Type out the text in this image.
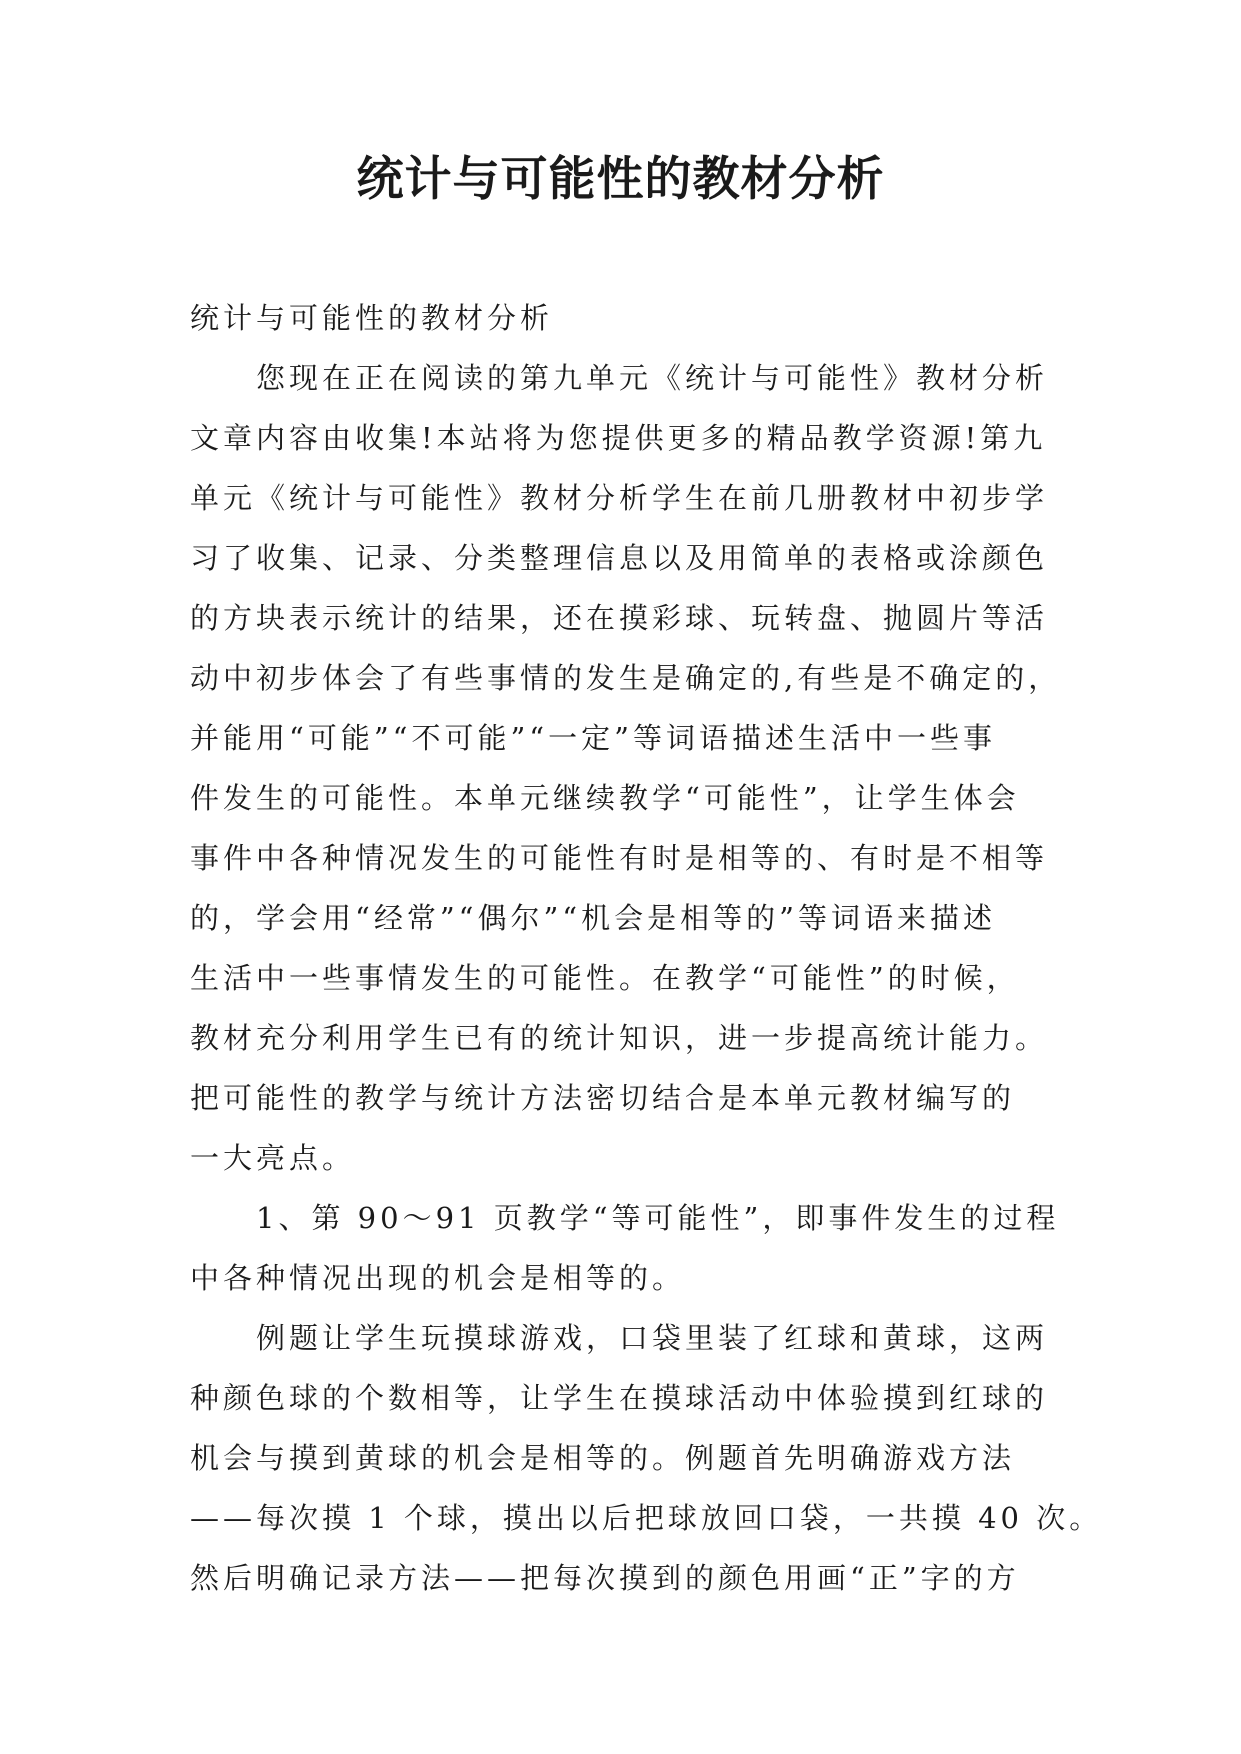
统计与可能性的教材分析

统计与可能性的教材分析

您现在正在阅读的第九单元《统计与可能性》教材分析
文章内容由收集!本站将为您提供更多的精品教学资源!第九
单元《统计与可能性》教材分析学生在前几册教材中初步学
习了收集、记录、分类整理信息以及用简单的表格或涂颜色
的方块表示统计的结果，还在摸彩球、玩转盘、抛圆片等活
动中初步体会了有些事情的发生是确定的,有些是不确定的，
并能用“可能”“不可能”“一定”等词语描述生活中一些事
件发生的可能性。本单元继续教学“可能性”，让学生体会
事件中各种情况发生的可能性有时是相等的、有时是不相等
的，学会用“经常”“偶尔”“机会是相等的”等词语来描述
生活中一些事情发生的可能性。在教学“可能性”的时候，
教材充分利用学生已有的统计知识，进一步提高统计能力。
把可能性的教学与统计方法密切结合是本单元教材编写的
一大亮点。

1、第 90～91 页教学“等可能性”，即事件发生的过程
中各种情况出现的机会是相等的。

例题让学生玩摸球游戏，口袋里装了红球和黄球，这两
种颜色球的个数相等，让学生在摸球活动中体验摸到红球的
机会与摸到黄球的机会是相等的。例题首先明确游戏方法
——每次摸 1 个球，摸出以后把球放回口袋，一共摸 40 次。
然后明确记录方法——把每次摸到的颜色用画“正”字的方
